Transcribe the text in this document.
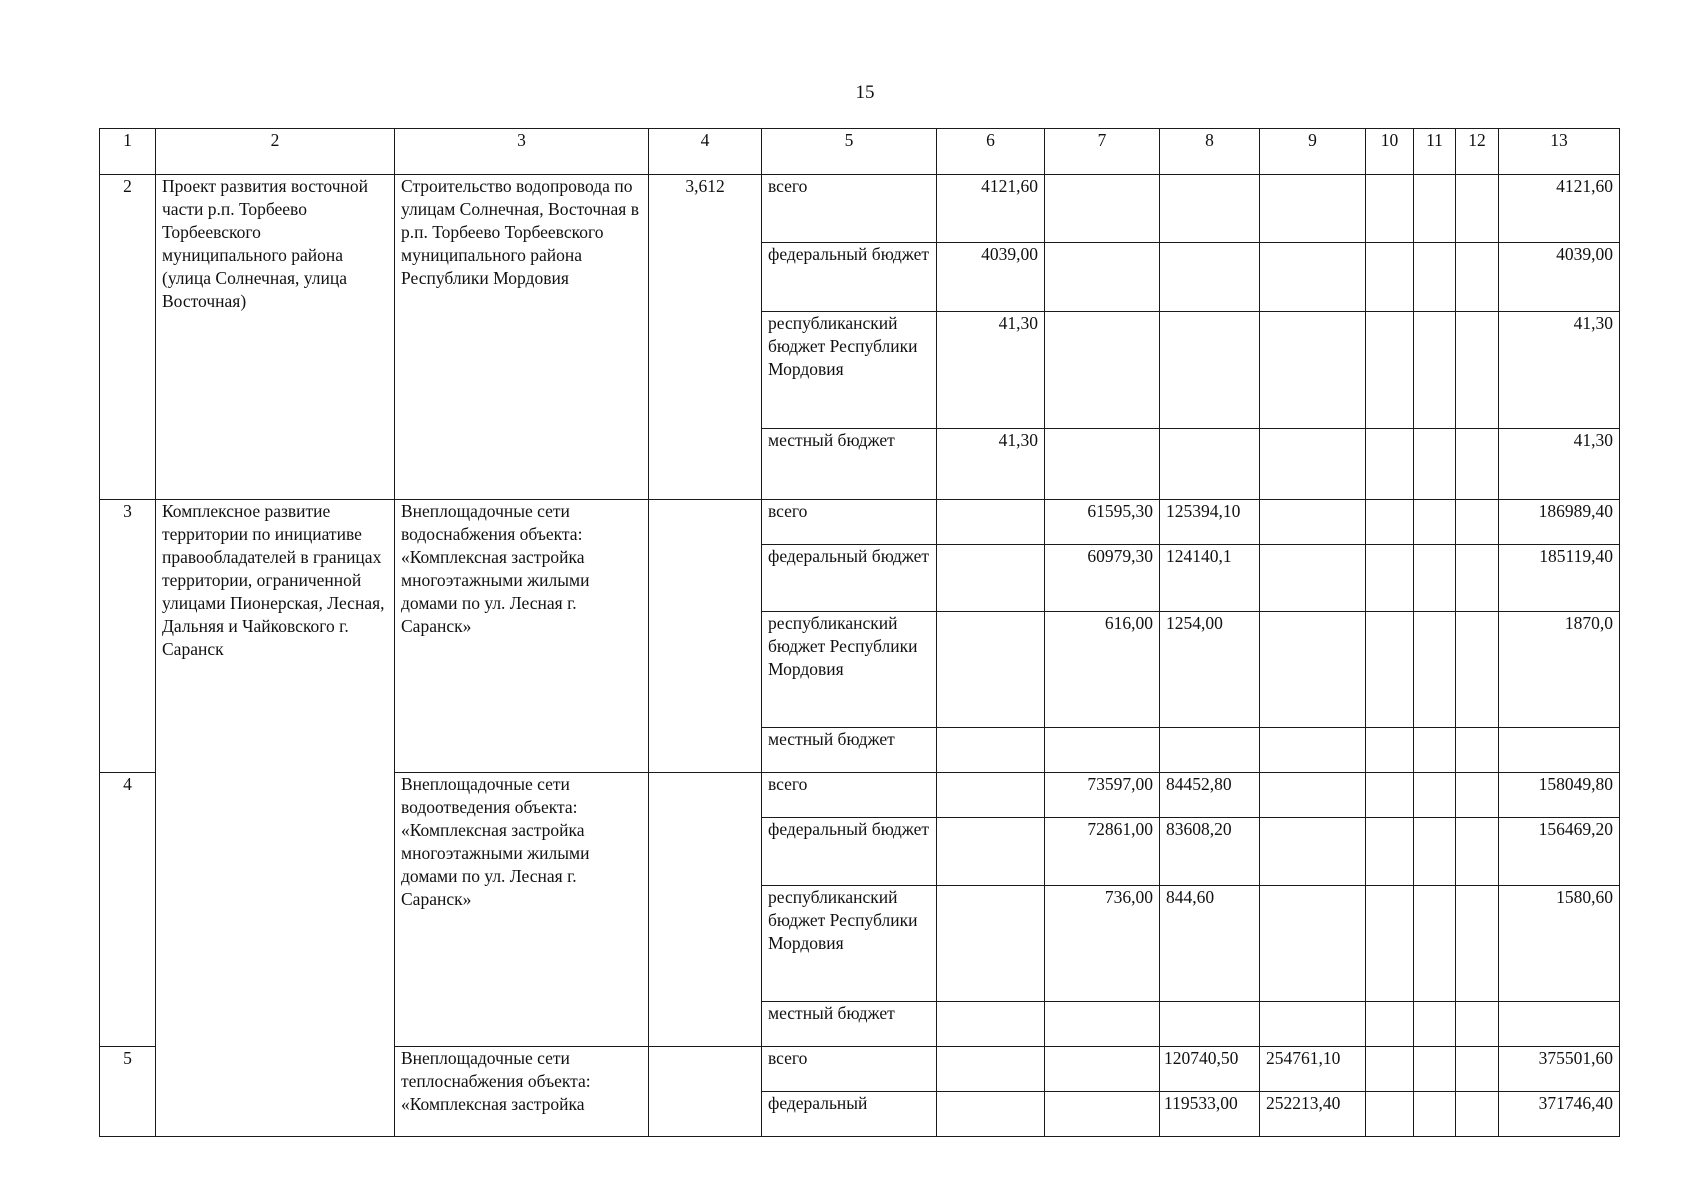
15
1	2	3	4	5	6	7	8	9	10	11	12	13
2	Проект развития восточной части р.п. Торбеево Торбеевского муниципального района (улица Солнечная, улица Восточная)	Строительство водопровода по улицам Солнечная, Восточная в р.п. Торбеево Торбеевского муниципального района Республики Мордовия	3,612	всего	4121,60							4121,60
				федеральный бюджет	4039,00							4039,00
				республиканский бюджет Республики Мордовия	41,30							41,30
				местный бюджет	41,30							41,30
3	Комплексное развитие территории по инициативе правообладателей в границах территории, ограниченной улицами Пионерская, Лесная, Дальняя и Чайковского г. Саранск	Внеплощадочные сети водоснабжения объекта: «Комплексная застройка многоэтажными жилыми домами по ул. Лесная г. Саранск»		всего		61595,30	125394,10					186989,40
				федеральный бюджет		60979,30	124140,1					185119,40
				республиканский бюджет Республики Мордовия		616,00	1254,00					1870,0
				местный бюджет								
4		Внеплощадочные сети водоотведения объекта: «Комплексная застройка многоэтажными жилыми домами по ул. Лесная г. Саранск»		всего		73597,00	84452,80					158049,80
				федеральный бюджет		72861,00	83608,20					156469,20
				республиканский бюджет Республики Мордовия		736,00	844,60					1580,60
				местный бюджет								
5		Внеплощадочные сети теплоснабжения объекта: «Комплексная застройка		всего			120740,50	254761,10				375501,60
				федеральный			119533,00	252213,40				371746,40
